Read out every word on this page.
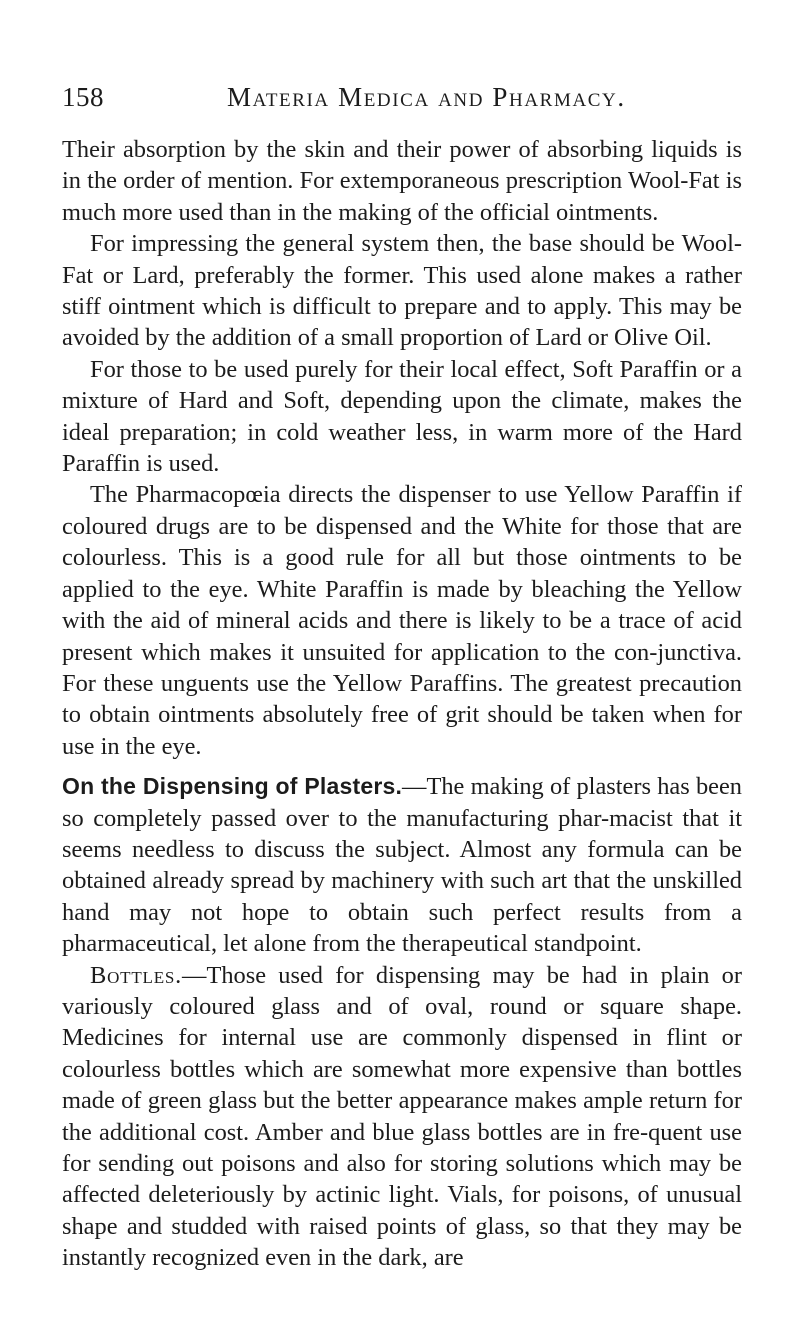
158	Materia Medica and Pharmacy.

Their absorption by the skin and their power of absorbing liquids is in the order of mention. For extemporaneous prescription Wool-Fat is much more used than in the making of the official ointments.

For impressing the general system then, the base should be Wool-Fat or Lard, preferably the former. This used alone makes a rather stiff ointment which is difficult to prepare and to apply. This may be avoided by the addition of a small proportion of Lard or Olive Oil.

For those to be used purely for their local effect, Soft Paraffin or a mixture of Hard and Soft, depending upon the climate, makes the ideal preparation; in cold weather less, in warm more of the Hard Paraffin is used.

The Pharmacopœia directs the dispenser to use Yellow Paraffin if coloured drugs are to be dispensed and the White for those that are colourless. This is a good rule for all but those ointments to be applied to the eye. White Paraffin is made by bleaching the Yellow with the aid of mineral acids and there is likely to be a trace of acid present which makes it unsuited for application to the con-junctiva. For these unguents use the Yellow Paraffins. The greatest precaution to obtain ointments absolutely free of grit should be taken when for use in the eye.

On the Dispensing of Plasters.—The making of plasters has been so completely passed over to the manufacturing phar-macist that it seems needless to discuss the subject. Almost any formula can be obtained already spread by machinery with such art that the unskilled hand may not hope to obtain such perfect results from a pharmaceutical, let alone from the therapeutical standpoint.

Bottles.—Those used for dispensing may be had in plain or variously coloured glass and of oval, round or square shape. Medicines for internal use are commonly dispensed in flint or colourless bottles which are somewhat more expensive than bottles made of green glass but the better appearance makes ample return for the additional cost. Amber and blue glass bottles are in fre-quent use for sending out poisons and also for storing solutions which may be affected deleteriously by actinic light. Vials, for poisons, of unusual shape and studded with raised points of glass, so that they may be instantly recognized even in the dark, are
